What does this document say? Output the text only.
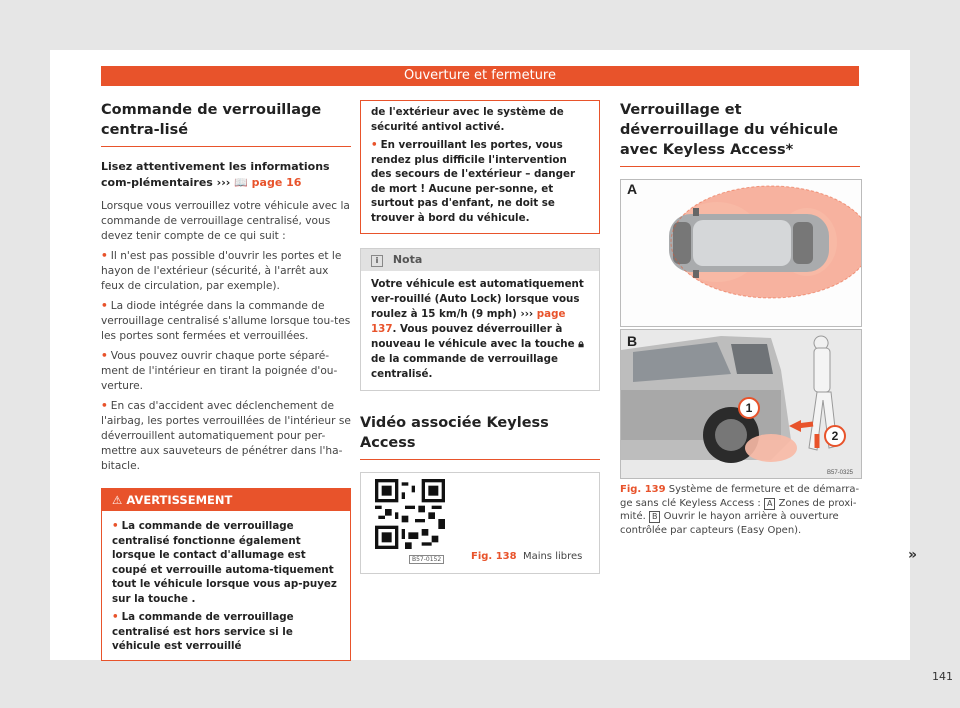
Ouverture et fermeture
Commande de verrouillage centra-lisé

Lisez attentivement les informations com-plémentaires ››› 📖 page 16

Lorsque vous verrouillez votre véhicule avec la commande de verrouillage centralisé, vous devez tenir compte de ce qui suit :

• Il n'est pas possible d'ouvrir les portes et le hayon de l'extérieur (sécurité, à l'arrêt aux feux de circulation, par exemple).

• La diode intégrée dans la commande de verrouillage centralisé s'allume lorsque tou-tes les portes sont fermées et verrouillées.

• Vous pouvez ouvrir chaque porte séparé-ment de l'intérieur en tirant la poignée d'ou-verture.

• En cas d'accident avec déclenchement de l'airbag, les portes verrouillées de l'intérieur se déverrouillent automatiquement pour per-mettre aux sauveteurs de pénétrer dans l'ha-bitacle.

⚠ AVERTISSEMENT

• La commande de verrouillage centralisé fonctionne également lorsque le contact d'allumage est coupé et verrouille automa-tiquement tout le véhicule lorsque vous ap-puyez sur la touche .

• La commande de verrouillage centralisé est hors service si le véhicule est verrouillé

de l'extérieur avec le système de sécurité antivol activé.

• En verrouillant les portes, vous rendez plus difficile l'intervention des secours de l'extérieur – danger de mort ! Aucune per-sonne, et surtout pas d'enfant, ne doit se trouver à bord du véhicule.

i Nota
Votre véhicule est automatiquement ver-rouillé (Auto Lock) lorsque vous roulez à 15 km/h (9 mph) ››› page 137. Vous pouvez déverrouiller à nouveau le véhicule avec la touche 🔒︎ de la commande de verrouillage centralisé.
Vidéo associée Keyless Access
B57-0152	Fig. 138 Mains libres
Verrouillage et déverrouillage du véhicule avec Keyless Access*
A
1
2
B
B57-0325

Fig. 139 Système de fermeture et de démarra-ge sans clé Keyless Access : A Zones de proxi-mité. B Ouvrir le hayon arrière à ouverture contrôlée par capteurs (Easy Open).

»
141
